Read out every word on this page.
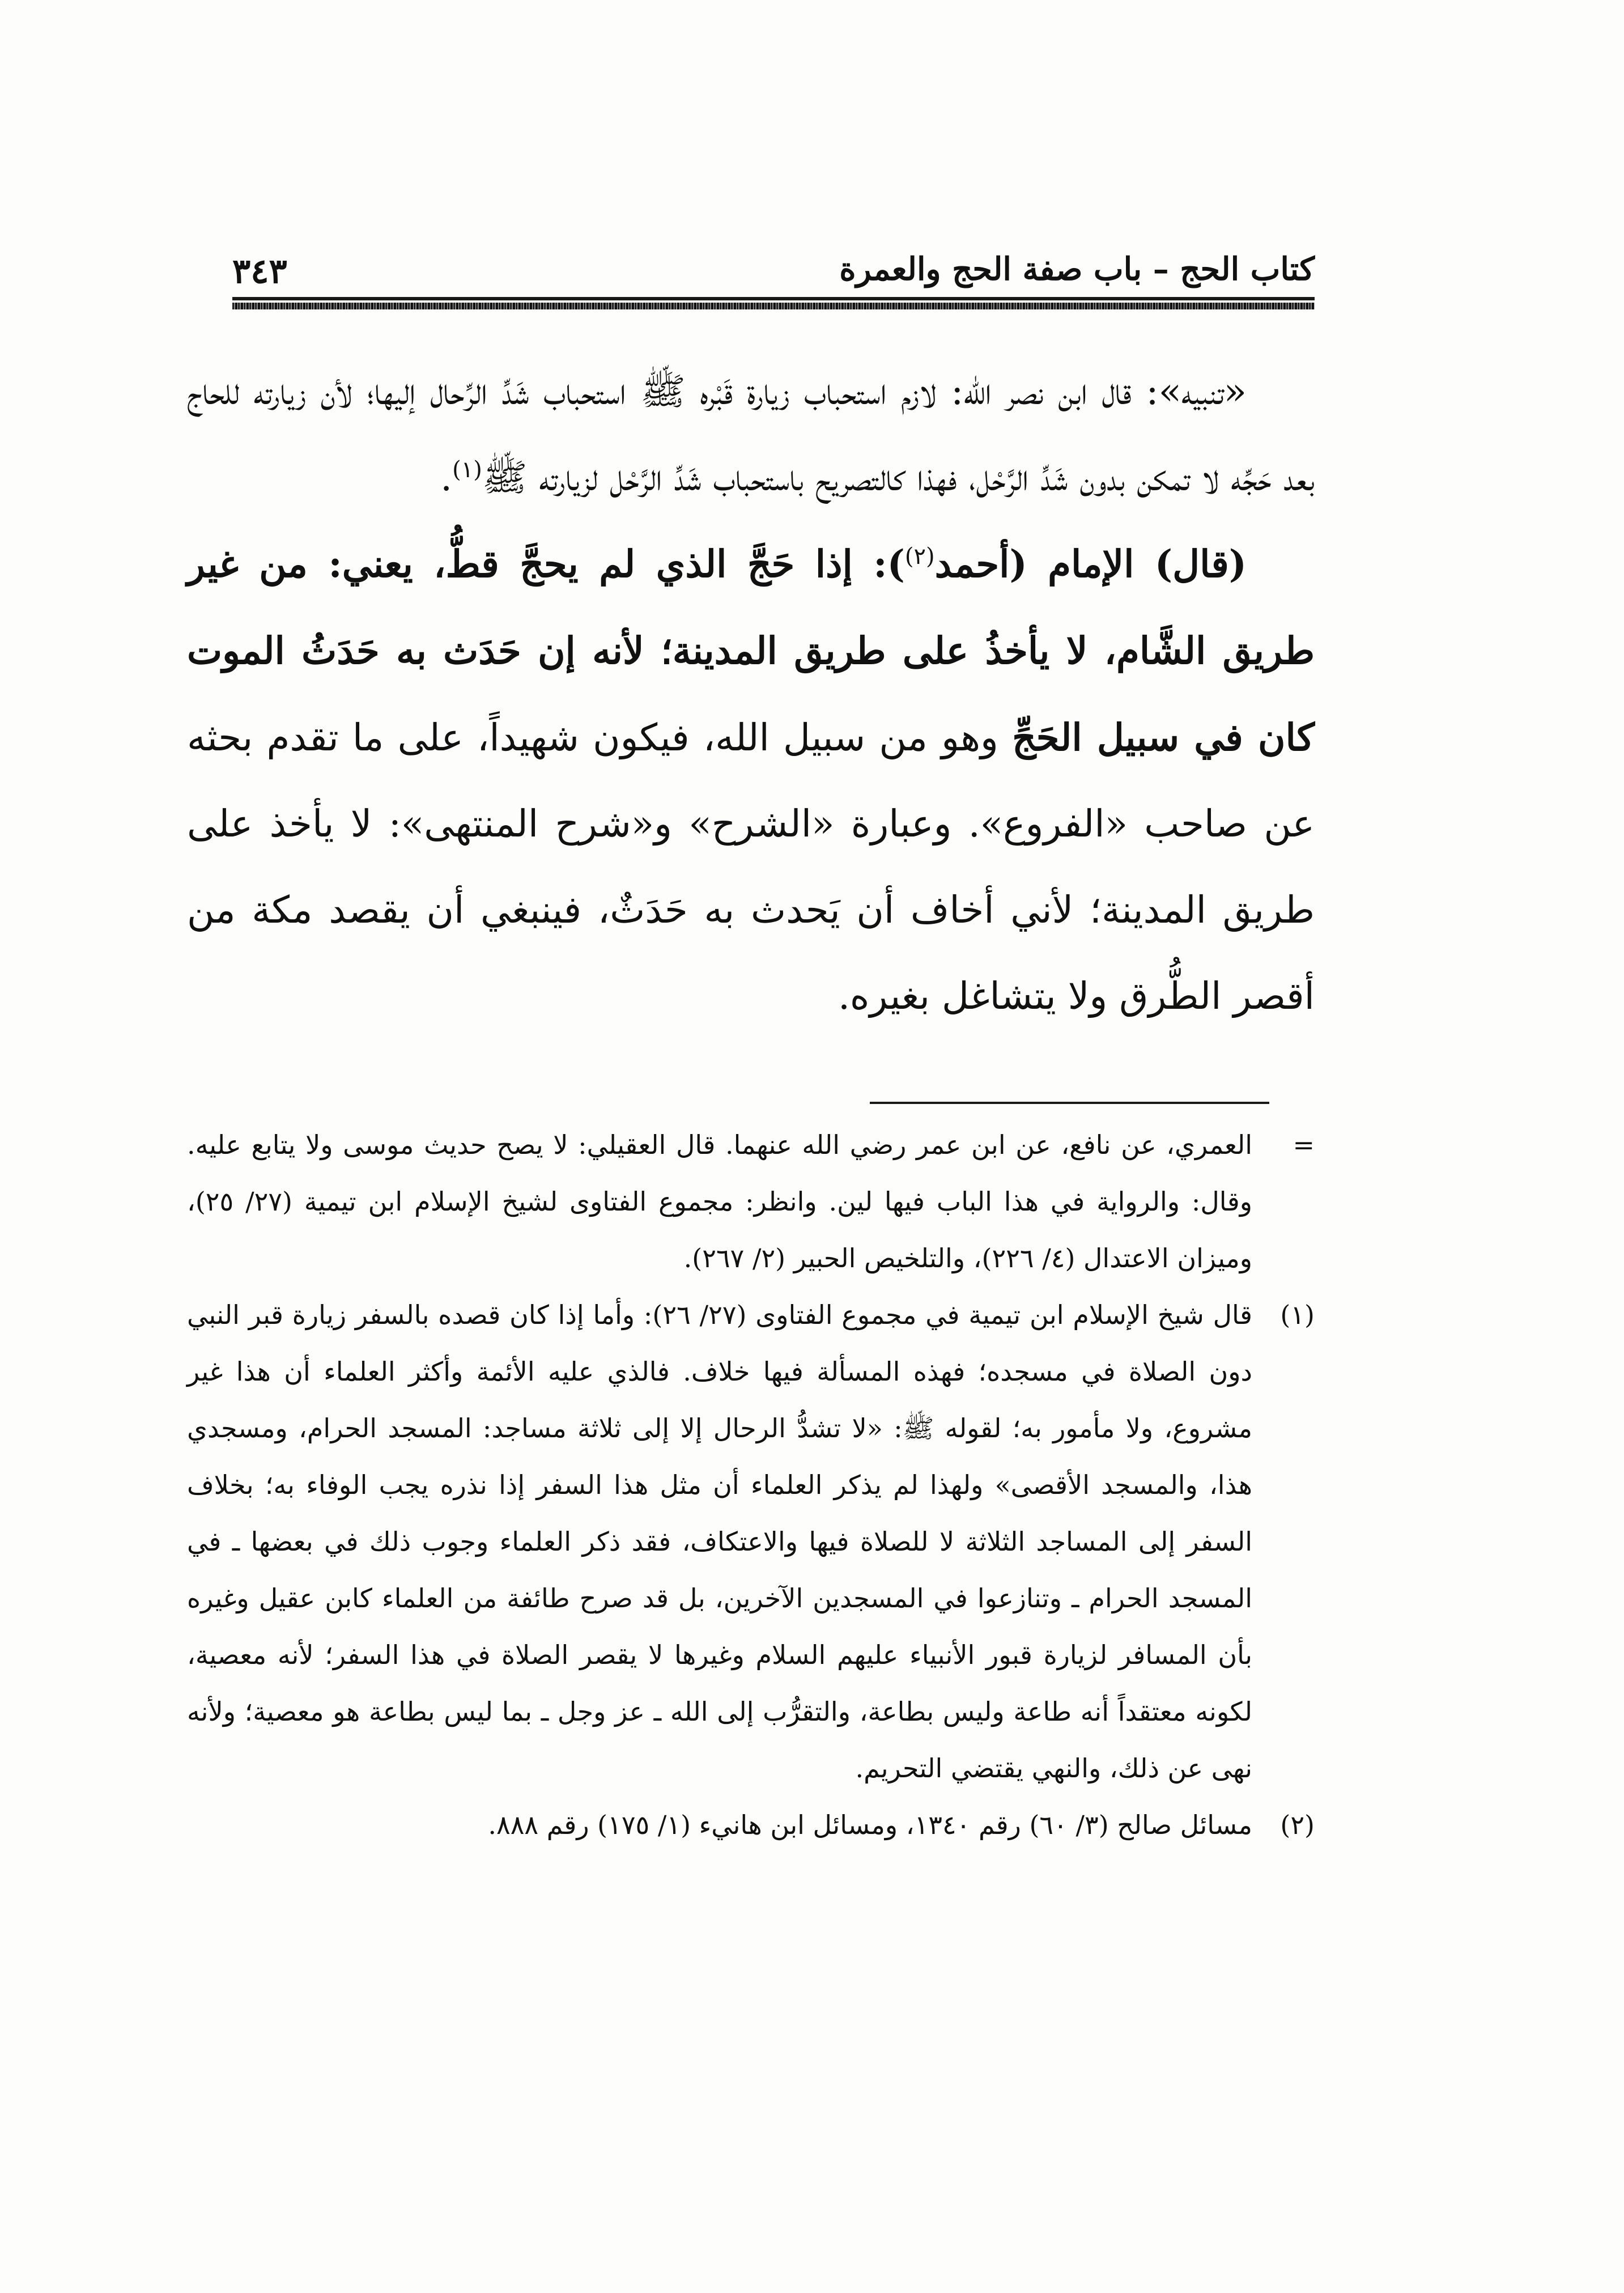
كتاب الحج – باب صفة الحج والعمرة
٣٤٣

«تنبيه»: قال ابن نصر الله: لازم استحباب زيارة قَبْره ﷺ استحباب شَدِّ الرِّحال إليها؛ لأن زيارته للحاج بعد حَجِّه لا تمكن بدون شَدِّ الرَّحْل، فهذا كالتصريح باستحباب شَدِّ الرَّحْل لزيارته ﷺ$^{(١)}$.

(قال) الإمام (أحمد$^{(٢)}$): إذا حَجَّ الذي لم يحجَّ قطُّ، يعني: من غير طريق الشَّام، لا يأخذُ على طريق المدينة؛ لأنه إن حَدَث به حَدَثُ الموت كان في سبيل الحَجِّ وهو من سبيل الله، فيكون شهيداً، على ما تقدم بحثه عن صاحب «الفروع». وعبارة «الشرح» و«شرح المنتهى»: لا يأخذ على طريق المدينة؛ لأني أخاف أن يَحدث به حَدَثٌ، فينبغي أن يقصد مكة من أقصر الطُّرق ولا يتشاغل بغيره.

=
العمري، عن نافع، عن ابن عمر رضي الله عنهما. قال العقيلي: لا يصح حديث موسى ولا يتابع عليه. وقال: والرواية في هذا الباب فيها لين. وانظر: مجموع الفتاوى لشيخ الإسلام ابن تيمية (٢٧/ ٢٥)، وميزان الاعتدال (٤/ ٢٢٦)، والتلخيص الحبير (٢/ ٢٦٧).

(١)
قال شيخ الإسلام ابن تيمية في مجموع الفتاوى (٢٧/ ٢٦): وأما إذا كان قصده بالسفر زيارة قبر النبي دون الصلاة في مسجده؛ فهذه المسألة فيها خلاف. فالذي عليه الأئمة وأكثر العلماء أن هذا غير مشروع، ولا مأمور به؛ لقوله ﷺ: «لا تشدُّ الرحال إلا إلى ثلاثة مساجد: المسجد الحرام، ومسجدي هذا، والمسجد الأقصى» ولهذا لم يذكر العلماء أن مثل هذا السفر إذا نذره يجب الوفاء به؛ بخلاف السفر إلى المساجد الثلاثة لا للصلاة فيها والاعتكاف، فقد ذكر العلماء وجوب ذلك في بعضها ـ في المسجد الحرام ـ وتنازعوا في المسجدين الآخرين، بل قد صرح طائفة من العلماء كابن عقيل وغيره بأن المسافر لزيارة قبور الأنبياء عليهم السلام وغيرها لا يقصر الصلاة في هذا السفر؛ لأنه معصية، لكونه معتقداً أنه طاعة وليس بطاعة، والتقرُّب إلى الله ـ عز وجل ـ بما ليس بطاعة هو معصية؛ ولأنه نهى عن ذلك، والنهي يقتضي التحريم.

(٢)
مسائل صالح (٣/ ٦٠) رقم ١٣٤٠، ومسائل ابن هانيء (١/ ١٧٥) رقم ٨٨٨.
